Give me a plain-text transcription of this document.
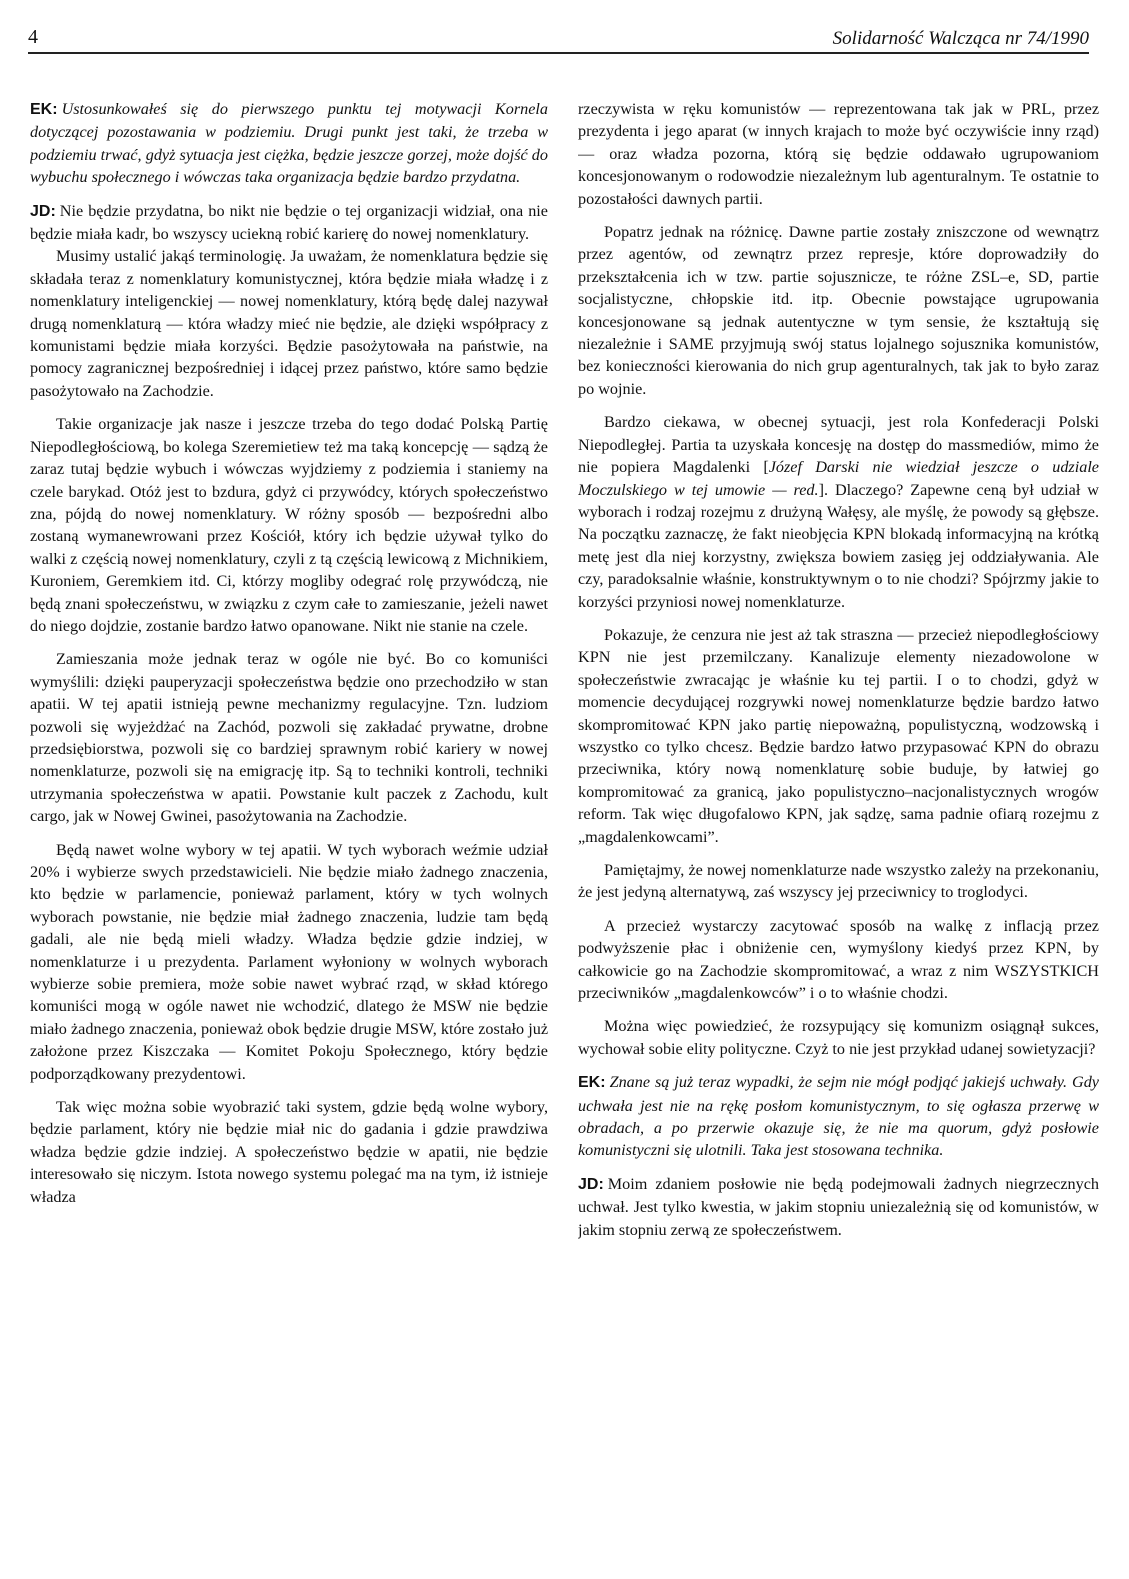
4	Solidarność Walcząca nr 74/1990

EK: Ustosunkowałeś się do pierwszego punktu tej motywacji Kornela dotyczącej pozostawania w podziemiu. Drugi punkt jest taki, że trzeba w podziemiu trwać, gdyż sytuacja jest ciężka, będzie jeszcze gorzej, może dojść do wybuchu społecznego i wówczas taka organizacja będzie bardzo przydatna.

JD: Nie będzie przydatna, bo nikt nie będzie o tej organizacji widział, ona nie będzie miała kadr, bo wszyscy uciekną robić karierę do nowej nomenklatury.

Musimy ustalić jakąś terminologię. Ja uważam, że nomenklatura będzie się składała teraz z nomenklatury komunistycznej, która będzie miała władzę i z nomenklatury inteligenckiej — nowej nomenklatury, którą będę dalej nazywał drugą nomenklaturą — która władzy mieć nie będzie, ale dzięki współpracy z komunistami będzie miała korzyści. Będzie pasożytowała na państwie, na pomocy zagranicznej bezpośredniej i idącej przez państwo, które samo będzie pasożytowało na Zachodzie.

Takie organizacje jak nasze i jeszcze trzeba do tego dodać Polską Partię Niepodległościową, bo kolega Szeremietiew też ma taką koncepcję — sądzą że zaraz tutaj będzie wybuch i wówczas wyjdziemy z podziemia i staniemy na czele barykad. Otóż jest to bzdura, gdyż ci przywódcy, których społeczeństwo zna, pójdą do nowej nomenklatury. W różny sposób — bezpośredni albo zostaną wymanewrowani przez Kościół, który ich będzie używał tylko do walki z częścią nowej nomenklatury, czyli z tą częścią lewicową z Michnikiem, Kuroniem, Geremkiem itd. Ci, którzy mogliby odegrać rolę przywódczą, nie będą znani społeczeństwu, w związku z czym całe to zamieszanie, jeżeli nawet do niego dojdzie, zostanie bardzo łatwo opanowane. Nikt nie stanie na czele.

Zamieszania może jednak teraz w ogóle nie być. Bo co komuniści wymyślili: dzięki pauperyzacji społeczeństwa będzie ono przechodziło w stan apatii. W tej apatii istnieją pewne mechanizmy regulacyjne. Tzn. ludziom pozwoli się wyjeżdżać na Zachód, pozwoli się zakładać prywatne, drobne przedsiębiorstwa, pozwoli się co bardziej sprawnym robić kariery w nowej nomenklaturze, pozwoli się na emigrację itp. Są to techniki kontroli, techniki utrzymania społeczeństwa w apatii. Powstanie kult paczek z Zachodu, kult cargo, jak w Nowej Gwinei, pasożytowania na Zachodzie.

Będą nawet wolne wybory w tej apatii. W tych wyborach weźmie udział 20% i wybierze swych przedstawicieli. Nie będzie miało żadnego znaczenia, kto będzie w parlamencie, ponieważ parlament, który w tych wolnych wyborach powstanie, nie będzie miał żadnego znaczenia, ludzie tam będą gadali, ale nie będą mieli władzy. Władza będzie gdzie indziej, w nomenklaturze i u prezydenta. Parlament wyłoniony w wolnych wyborach wybierze sobie premiera, może sobie nawet wybrać rząd, w skład którego komuniści mogą w ogóle nawet nie wchodzić, dlatego że MSW nie będzie miało żadnego znaczenia, ponieważ obok będzie drugie MSW, które zostało już założone przez Kiszczaka — Komitet Pokoju Społecznego, który będzie podporządkowany prezydentowi.

Tak więc można sobie wyobrazić taki system, gdzie będą wolne wybory, będzie parlament, który nie będzie miał nic do gadania i gdzie prawdziwa władza będzie gdzie indziej. A społeczeństwo będzie w apatii, nie będzie interesowało się niczym. Istota nowego systemu polegać ma na tym, iż istnieje władza

rzeczywista w ręku komunistów — reprezentowana tak jak w PRL, przez prezydenta i jego aparat (w innych krajach to może być oczywiście inny rząd) — oraz władza pozorna, którą się będzie oddawało ugrupowaniom koncesjonowanym o rodowodzie niezależnym lub agenturalnym. Te ostatnie to pozostałości dawnych partii.

Popatrz jednak na różnicę. Dawne partie zostały zniszczone od wewnątrz przez agentów, od zewnątrz przez represje, które doprowadziły do przekształcenia ich w tzw. partie sojusznicze, te różne ZSL–e, SD, partie socjalistyczne, chłopskie itd. itp. Obecnie powstające ugrupowania koncesjonowane są jednak autentyczne w tym sensie, że kształtują się niezależnie i SAME przyjmują swój status lojalnego sojusznika komunistów, bez konieczności kierowania do nich grup agenturalnych, tak jak to było zaraz po wojnie.

Bardzo ciekawa, w obecnej sytuacji, jest rola Konfederacji Polski Niepodległej. Partia ta uzyskała koncesję na dostęp do massmediów, mimo że nie popiera Magdalenki [Józef Darski nie wiedział jeszcze o udziale Moczulskiego w tej umowie — red.]. Dlaczego? Zapewne ceną był udział w wyborach i rodzaj rozejmu z drużyną Wałęsy, ale myślę, że powody są głębsze. Na początku zaznaczę, że fakt nieobjęcia KPN blokadą informacyjną na krótką metę jest dla niej korzystny, zwiększa bowiem zasięg jej oddziaływania. Ale czy, paradoksalnie właśnie, konstruktywnym o to nie chodzi? Spójrzmy jakie to korzyści przyniosi nowej nomenklaturze.

Pokazuje, że cenzura nie jest aż tak straszna — przecież niepodległościowy KPN nie jest przemilczany. Kanalizuje elementy niezadowolone w społeczeństwie zwracając je właśnie ku tej partii. I o to chodzi, gdyż w momencie decydującej rozgrywki nowej nomenklaturze będzie bardzo łatwo skompromitować KPN jako partię niepoważną, populistyczną, wodzowską i wszystko co tylko chcesz. Będzie bardzo łatwo przypasować KPN do obrazu przeciwnika, który nową nomenklaturę sobie buduje, by łatwiej go kompromitować za granicą, jako populistyczno–nacjonalistycznych wrogów reform. Tak więc długofalowo KPN, jak sądzę, sama padnie ofiarą rozejmu z „magdalenkowcami”.

Pamiętajmy, że nowej nomenklaturze nade wszystko zależy na przekonaniu, że jest jedyną alternatywą, zaś wszyscy jej przeciwnicy to troglodyci.

A przecież wystarczy zacytować sposób na walkę z inflacją przez podwyższenie płac i obniżenie cen, wymyślony kiedyś przez KPN, by całkowicie go na Zachodzie skompromitować, a wraz z nim WSZYSTKICH przeciwników „magdalenkowców” i o to właśnie chodzi.

Można więc powiedzieć, że rozsypujący się komunizm osiągnął sukces, wychował sobie elity polityczne. Czyż to nie jest przykład udanej sowietyzacji?

EK: Znane są już teraz wypadki, że sejm nie mógł podjąć jakiejś uchwały. Gdy uchwała jest nie na rękę posłom komunistycznym, to się ogłasza przerwę w obradach, a po przerwie okazuje się, że nie ma quorum, gdyż posłowie komunistyczni się ulotnili. Taka jest stosowana technika.

JD: Moim zdaniem posłowie nie będą podejmowali żadnych niegrzecznych uchwał. Jest tylko kwestia, w jakim stopniu uniezależnią się od komunistów, w jakim stopniu zerwą ze społeczeństwem.
